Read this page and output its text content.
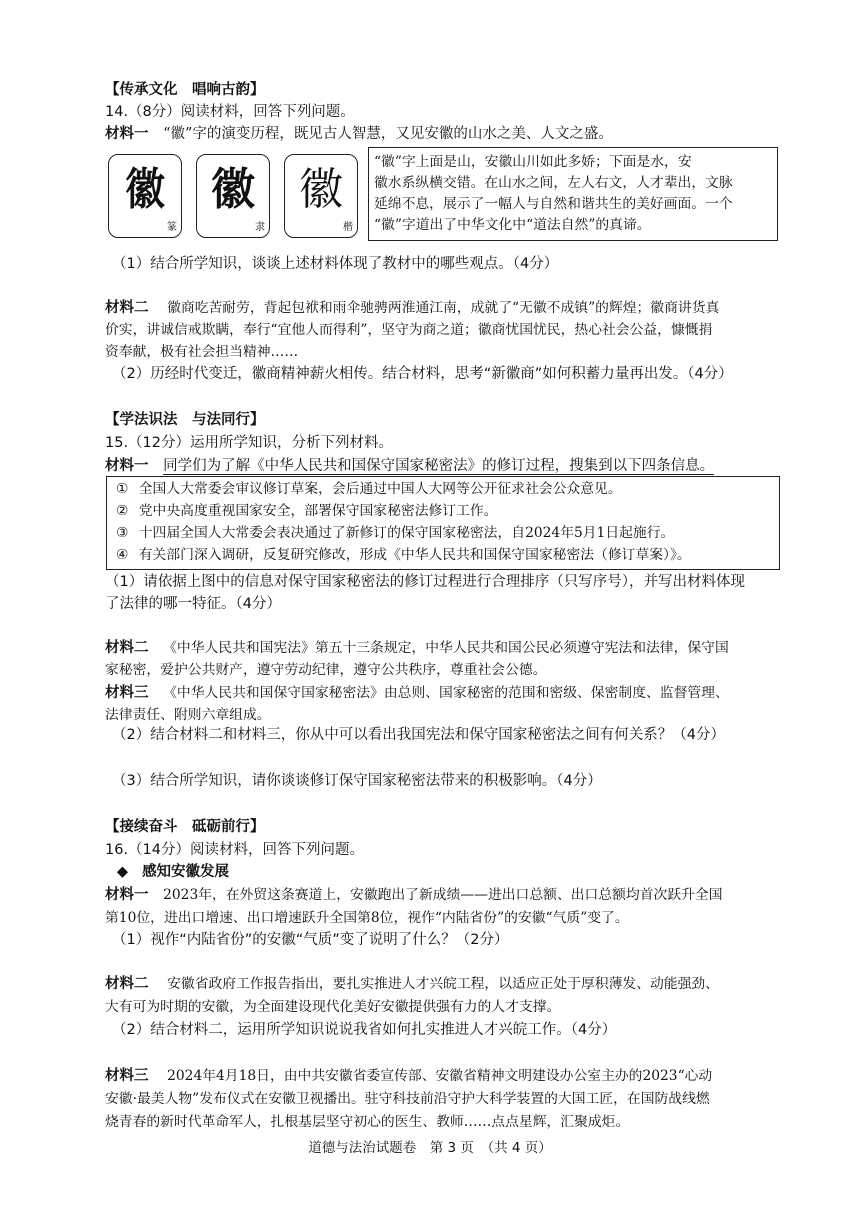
【传承文化　唱响古韵】
14.（8分）阅读材料，回答下列问题。
材料一 “徽”字的演变历程，既见古人智慧，又见安徽的山水之美、人文之盛。
徽
篆
徽
隶
徽
楷
“徽”字上面是山，安徽山川如此多娇；下面是水，安
徽水系纵横交错。在山水之间，左人右文，人才辈出，文脉
延绵不息，展示了一幅人与自然和谐共生的美好画面。一个
“徽”字道出了中华文化中“道法自然”的真谛。
（1）结合所学知识，谈谈上述材料体现了教材中的哪些观点。（4分）
材料二 徽商吃苦耐劳，背起包袱和雨伞驰骋两淮通江南，成就了“无徽不成镇”的辉煌；徽商讲货真
价实，讲诚信戒欺瞒，奉行“宜他人而得利”，坚守为商之道；徽商忧国忧民，热心社会公益，慷慨捐
资奉献，极有社会担当精神……
（2）历经时代变迁，徽商精神薪火相传。结合材料，思考“新徽商”如何积蓄力量再出发。（4分）
【学法识法　与法同行】
15.（12分）运用所学知识，分析下列材料。
材料一 同学们为了解《中华人民共和国保守国家秘密法》的修订过程，搜集到以下四条信息。
① 全国人大常委会审议修订草案，会后通过中国人大网等公开征求社会公众意见。
② 党中央高度重视国家安全，部署保守国家秘密法修订工作。
③ 十四届全国人大常委会表决通过了新修订的保守国家秘密法，自2024年5月1日起施行。
④ 有关部门深入调研，反复研究修改，形成《中华人民共和国保守国家秘密法（修订草案）》。
（1）请依据上图中的信息对保守国家秘密法的修订过程进行合理排序（只写序号），并写出材料体现
了法律的哪一特征。（4分）
材料二 《中华人民共和国宪法》第五十三条规定，中华人民共和国公民必须遵守宪法和法律，保守国
家秘密，爱护公共财产，遵守劳动纪律，遵守公共秩序，尊重社会公德。
材料三 《中华人民共和国保守国家秘密法》由总则、国家秘密的范围和密级、保密制度、监督管理、
法律责任、附则六章组成。
（2）结合材料二和材料三，你从中可以看出我国宪法和保守国家秘密法之间有何关系？（4分）
（3）结合所学知识，请你谈谈修订保守国家秘密法带来的积极影响。（4分）
【接续奋斗　砥砺前行】
16.（14分）阅读材料，回答下列问题。
◆ 感知安徽发展
材料一 2023年，在外贸这条赛道上，安徽跑出了新成绩——进出口总额、出口总额均首次跃升全国
第10位，进出口增速、出口增速跃升全国第8位，视作“内陆省份”的安徽“气质”变了。
（1）视作“内陆省份”的安徽“气质”变了说明了什么？（2分）
材料二 安徽省政府工作报告指出，要扎实推进人才兴皖工程，以适应正处于厚积薄发、动能强劲、
大有可为时期的安徽，为全面建设现代化美好安徽提供强有力的人才支撑。
（2）结合材料二，运用所学知识说说我省如何扎实推进人才兴皖工作。（4分）
材料三 2024年4月18日，由中共安徽省委宣传部、安徽省精神文明建设办公室主办的2023“心动
安徽·最美人物”发布仪式在安徽卫视播出。驻守科技前沿守护大科学装置的大国工匠，在国防战线燃
烧青春的新时代革命军人，扎根基层坚守初心的医生、教师……点点星辉，汇聚成炬。
道德与法治试题卷　第 3 页　（共 4 页）
